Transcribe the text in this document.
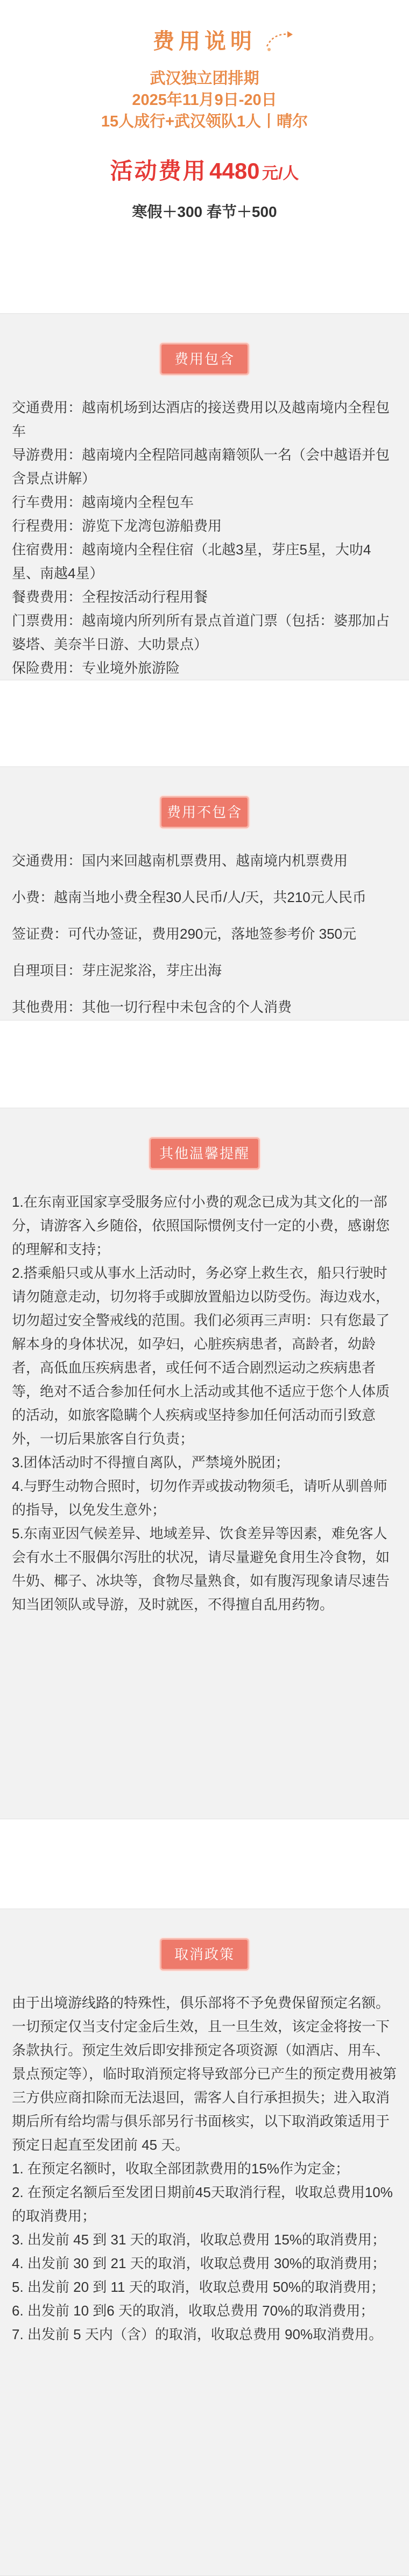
费用说明
武汉独立团排期
2025年11月9日-20日
15人成行+武汉领队1人丨晴尔
活动费用 4480 元/人
寒假＋300 春节＋500
费用包含

交通费用：越南机场到达酒店的接送费用以及越南境内全程包车

导游费用：越南境内全程陪同越南籍领队一名（会中越语并包含景点讲解）

行车费用：越南境内全程包车

行程费用：游览下龙湾包游船费用

住宿费用：越南境内全程住宿（北越3星，芽庄5星，大叻4星、南越4星）

餐费费用：全程按活动行程用餐

门票费用：越南境内所列所有景点首道门票（包括：婆那加占婆塔、美奈半日游、大叻景点）

保险费用：专业境外旅游险

费用不包含

交通费用：国内来回越南机票费用、越南境内机票费用

小费：越南当地小费全程30人民币/人/天，共210元人民币

签证费：可代办签证，费用290元，落地签参考价 350元

自理项目：芽庄泥浆浴，芽庄出海

其他费用：其他一切行程中未包含的个人消费

其他温馨提醒

1.在东南亚国家享受服务应付小费的观念已成为其文化的一部分，请游客入乡随俗，依照国际惯例支付一定的小费，感谢您的理解和支持；

2.搭乘船只或从事水上活动时，务必穿上救生衣，船只行驶时请勿随意走动，切勿将手或脚放置船边以防受伤。海边戏水，切勿超过安全警戒线的范围。我们必须再三声明：只有您最了解本身的身体状况，如孕妇，心脏疾病患者，高龄者，幼龄者，高低血压疾病患者，或任何不适合剧烈运动之疾病患者等，绝对不适合参加任何水上活动或其他不适应于您个人体质的活动，如旅客隐瞒个人疾病或坚持参加任何活动而引致意外，一切后果旅客自行负责；

3.团体活动时不得擅自离队，严禁境外脱团；

4.与野生动物合照时，切勿作弄或拔动物须毛，请听从驯兽师的指导，以免发生意外；

5.东南亚因气候差异、地域差异、饮食差异等因素，难免客人会有水土不服偶尔泻肚的状况，请尽量避免食用生冷食物，如牛奶、椰子、冰块等，食物尽量熟食，如有腹泻现象请尽速告知当团领队或导游，及时就医，不得擅自乱用药物。

取消政策

由于出境游线路的特殊性，俱乐部将不予免费保留预定名额。一切预定仅当支付定金后生效，且一旦生效，该定金将按一下条款执行。预定生效后即安排预定各项资源（如酒店、用车、景点预定等），临时取消预定将导致部分已产生的预定费用被第三方供应商扣除而无法退回，需客人自行承担损失；进入取消期后所有给均需与俱乐部另行书面核实，以下取消政策适用于预定日起直至发团前 45 天。

1. 在预定名额时，收取全部团款费用的15%作为定金；

2. 在预定名额后至发团日期前45天取消行程，收取总费用10%的取消费用；

3. 出发前 45 到 31 天的取消，收取总费用 15%的取消费用；

4. 出发前 30 到 21 天的取消，收取总费用 30%的取消费用；

5. 出发前 20 到 11 天的取消，收取总费用 50%的取消费用；

6. 出发前 10 到6 天的取消，收取总费用 70%的取消费用；

7. 出发前 5 天内（含）的取消，收取总费用 90%取消费用。
